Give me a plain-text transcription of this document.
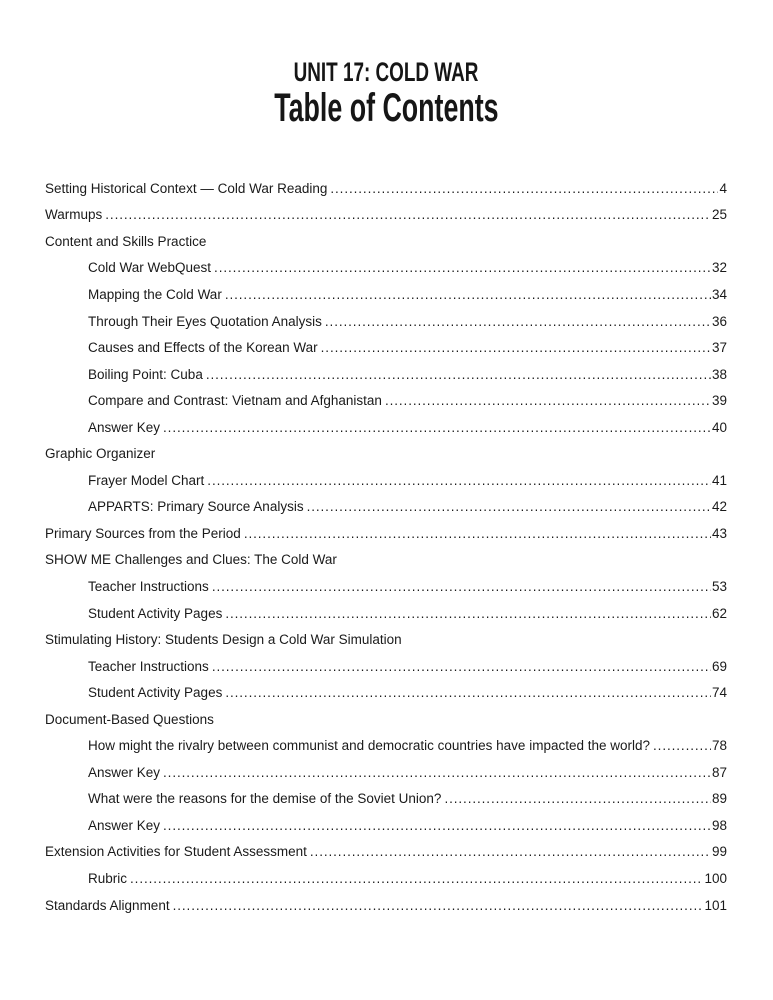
UNIT 17: COLD WAR
Table of Contents
Setting Historical Context — Cold War Reading .....	4
Warmups .....	25
Content and Skills Practice
Cold War WebQuest .....	32
Mapping the Cold War .....	34
Through Their Eyes Quotation Analysis .....	36
Causes and Effects of the Korean War .....	37
Boiling Point: Cuba .....	38
Compare and Contrast: Vietnam and Afghanistan .....	39
Answer Key .....	40
Graphic Organizer
Frayer Model Chart .....	41
APPARTS: Primary Source Analysis .....	42
Primary Sources from the Period .....	43
SHOW ME Challenges and Clues: The Cold War
Teacher Instructions .....	53
Student Activity Pages .....	62
Stimulating History: Students Design a Cold War Simulation
Teacher Instructions .....	69
Student Activity Pages .....	74
Document-Based Questions
How might the rivalry between communist and democratic countries have impacted the world? .....	78
Answer Key .....	87
What were the reasons for the demise of the Soviet Union? .....	89
Answer Key .....	98
Extension Activities for Student Assessment .....	99
Rubric .....	100
Standards Alignment .....	101
